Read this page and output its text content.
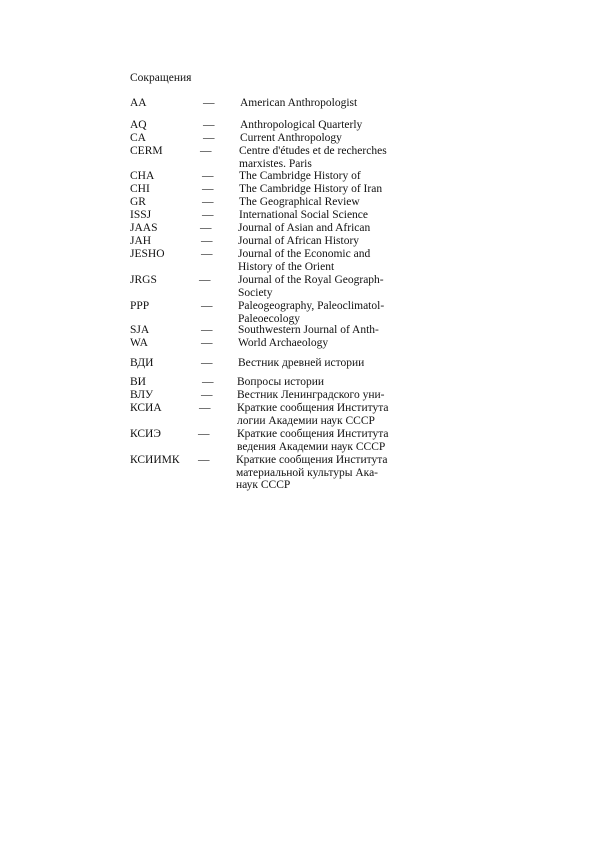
Сокращения
AA	— American Anthropologist
AQ	— Anthropological Quarterly
CA	— Current Anthropology
CERM	— Centre d'études et de recherches
marxistes. Paris
CHA	— The Cambridge History of
CHI	— The Cambridge History of Iran
GR	— The Geographical Review
ISSJ	— International Social Science
JAAS	— Journal of Asian and African
JAH	— Journal of African History
JESHO	— Journal of the Economic and
History of the Orient
JRGS	— Journal of the Royal Geograph-
Society
PPP	— Paleogeography, Paleoclimatol-
Paleoecology
SJA	— Southwestern Journal of Anth-
WA	— World Archaeology
ВДИ	— Вестник древней истории
ВИ	— Вопросы истории
ВЛУ	— Вестник Ленинградского уни-
КСИА	— Краткие сообщения Института
логии Академии наук СССР
КСИЭ	— Краткие сообщения Института
ведения Академии наук СССР
КСИИМК — Краткие сообщения Института
материальной культуры Ака-
наук СССР
